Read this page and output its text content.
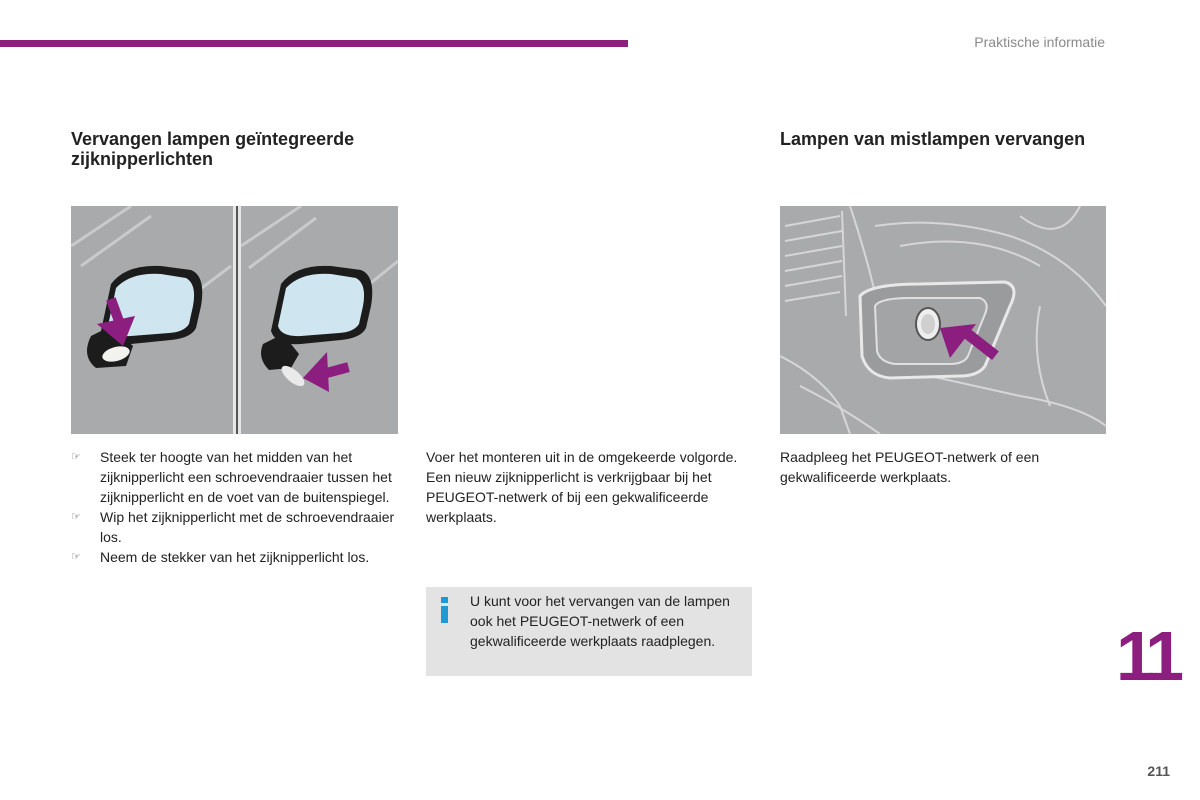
Praktische informatie
Vervangen lampen geïntegreerde zijknipperlichten
☞ Steek ter hoogte van het midden van het zijknipperlicht een schroevendraaier tussen het zijknipperlicht en de voet van de buitenspiegel.
☞ Wip het zijknipperlicht met de schroevendraaier los.
☞ Neem de stekker van het zijknipperlicht los.
Voer het monteren uit in de omgekeerde volgorde.
Een nieuw zijknipperlicht is verkrijgbaar bij het PEUGEOT-netwerk of bij een gekwalificeerde werkplaats.
U kunt voor het vervangen van de lampen ook het PEUGEOT-netwerk of een gekwalificeerde werkplaats raadplegen.
Lampen van mistlampen vervangen
Raadpleeg het PEUGEOT-netwerk of een gekwalificeerde werkplaats.
11
211
